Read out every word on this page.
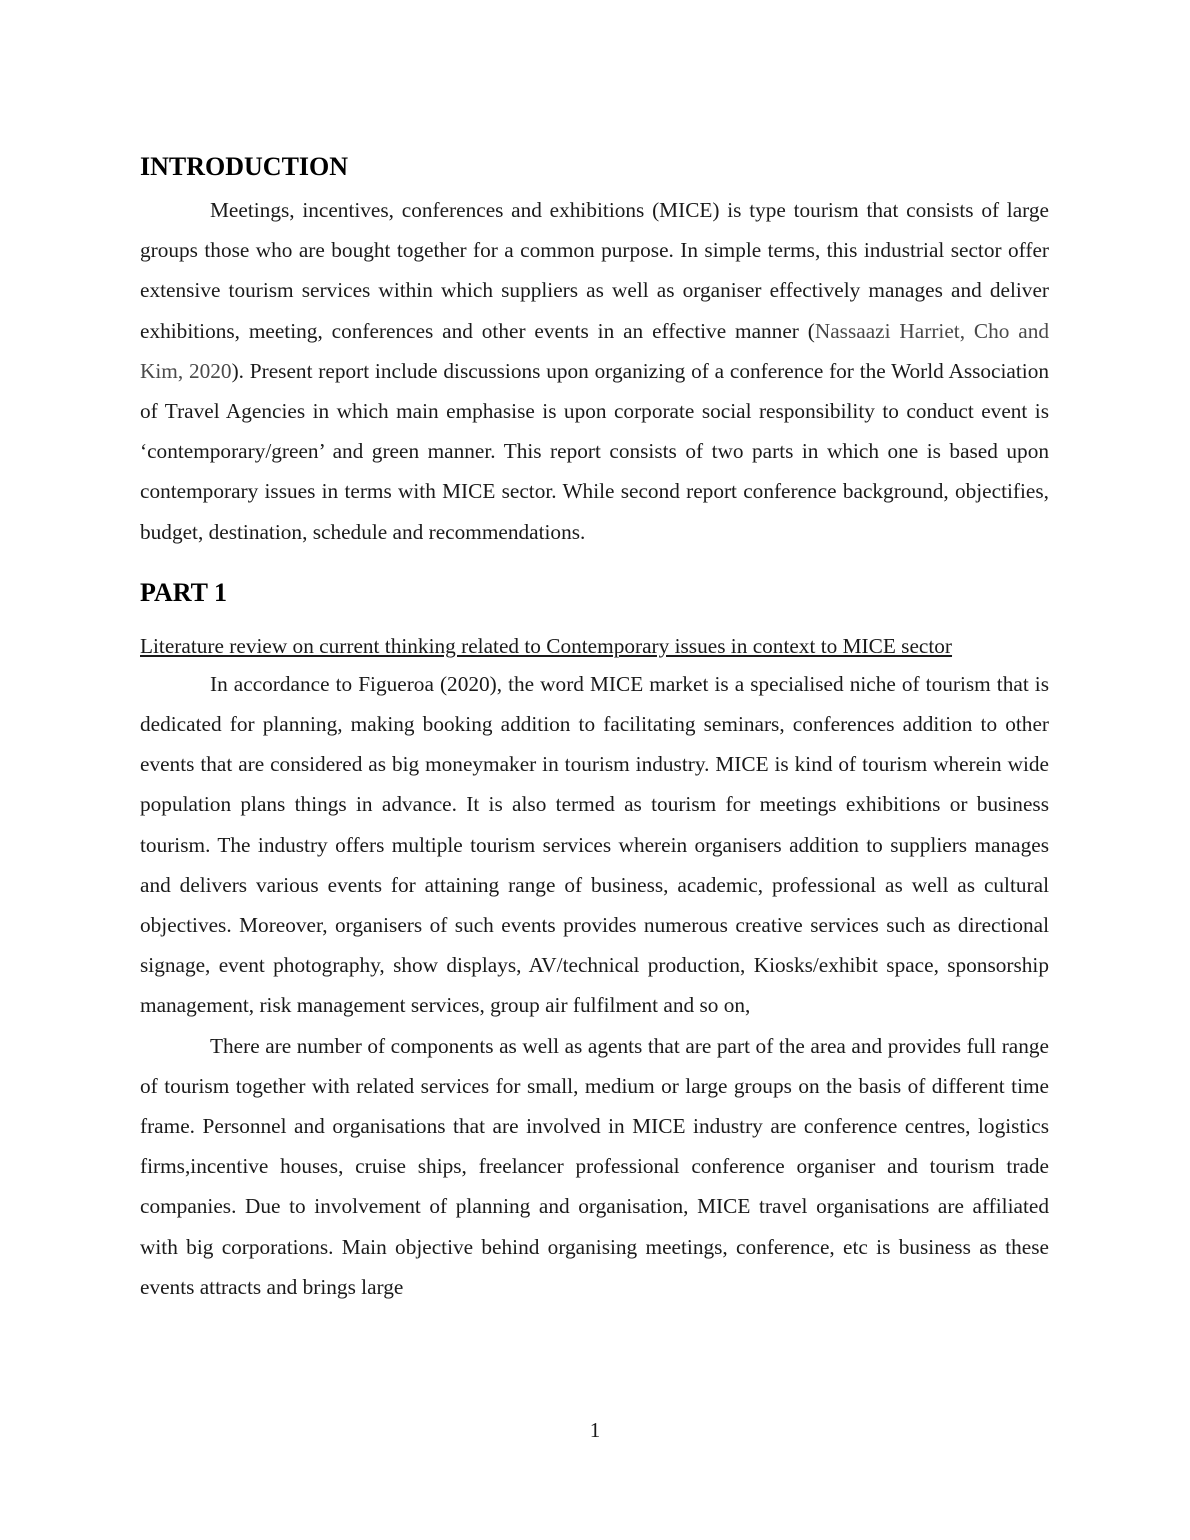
INTRODUCTION

Meetings, incentives, conferences and exhibitions (MICE) is type tourism that consists of large groups those who are bought together for a common purpose. In simple terms, this industrial sector offer extensive tourism services within which suppliers as well as organiser effectively manages and deliver exhibitions, meeting, conferences and other events in an effective manner (Nassaazi Harriet, Cho and Kim, 2020). Present report include discussions upon organizing of a conference for the World Association of Travel Agencies in which main emphasise is upon corporate social responsibility to conduct event is ‘contemporary/green’ and green manner. This report consists of two parts in which one is based upon contemporary issues in terms with MICE sector. While second report conference background, objectifies, budget, destination, schedule and recommendations.

PART 1

Literature review on current thinking related to Contemporary issues in context to MICE sector

In accordance to Figueroa (2020), the word MICE market is a specialised niche of tourism that is dedicated for planning, making booking addition to facilitating seminars, conferences addition to other events that are considered as big moneymaker in tourism industry. MICE is kind of tourism wherein wide population plans things in advance. It is also termed as tourism for meetings exhibitions or business tourism. The industry offers multiple tourism services wherein organisers addition to suppliers manages and delivers various events for attaining range of business, academic, professional as well as cultural objectives. Moreover, organisers of such events provides numerous creative services such as directional signage, event photography, show displays, AV/technical production, Kiosks/exhibit space, sponsorship management, risk management services, group air fulfilment and so on,

There are number of components as well as agents that are part of the area and provides full range of tourism together with related services for small, medium or large groups on the basis of different time frame. Personnel and organisations that are involved in MICE industry are conference centres, logistics firms,incentive houses, cruise ships, freelancer professional conference organiser and tourism trade companies. Due to involvement of planning and organisation, MICE travel organisations are affiliated with big corporations. Main objective behind organising meetings, conference, etc is business as these events attracts and brings large

1
